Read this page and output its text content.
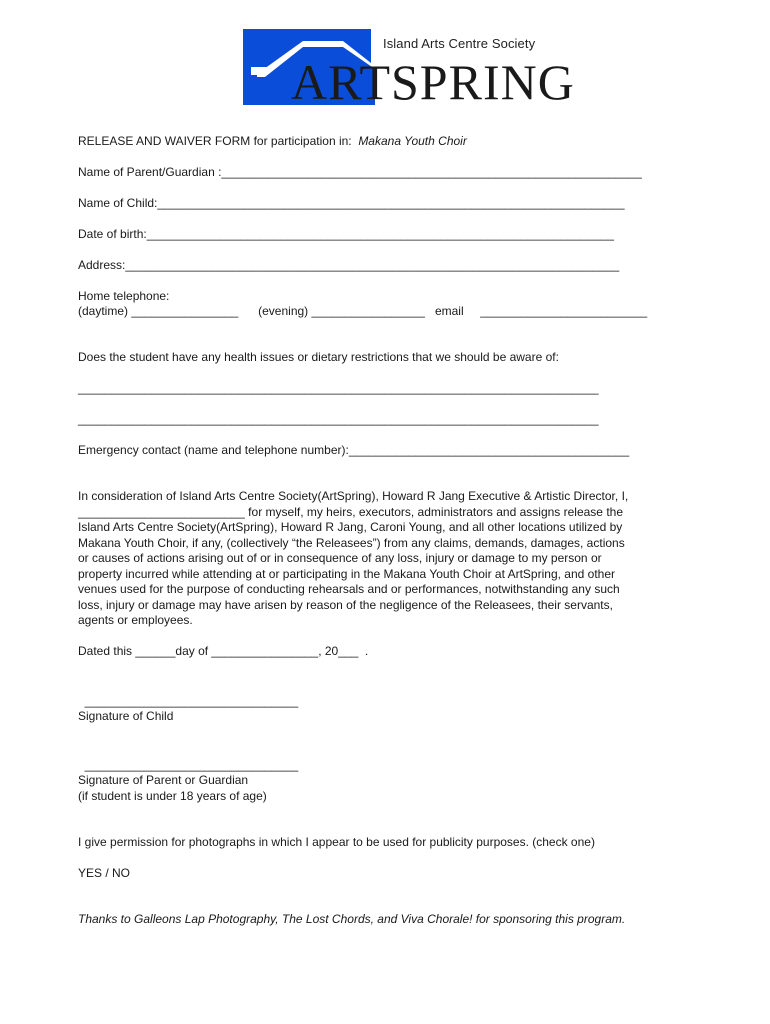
Island Arts Centre Society
ARTSPRING
RELEASE AND WAIVER FORM for participation in:  Makana Youth Choir
Name of Parent/Guardian :_______________________________________________________________
Name of Child:______________________________________________________________________
Date of birth:______________________________________________________________________
Address:__________________________________________________________________________
Home telephone:
(daytime) ________________      (evening) _________________   email     _________________________
Does the student have any health issues or dietary restrictions that we should be aware of:
______________________________________________________________________________
______________________________________________________________________________
Emergency contact (name and telephone number):__________________________________________
In consideration of Island Arts Centre Society(ArtSpring), Howard R Jang Executive & Artistic Director, I,
_________________________ for myself, my heirs, executors, administrators and assigns release the
Island Arts Centre Society(ArtSpring), Howard R Jang, Caroni Young, and all other locations utilized by
Makana Youth Choir, if any, (collectively “the Releasees”) from any claims, demands, damages, actions
or causes of actions arising out of or in consequence of any loss, injury or damage to my person or
property incurred while attending at or participating in the Makana Youth Choir at ArtSpring, and other
venues used for the purpose of conducting rehearsals and or performances, notwithstanding any such
loss, injury or damage may have arisen by reason of the negligence of the Releasees, their servants,
agents or employees.
Dated this ______day of ________________, 20___  .
________________________________
Signature of Child
________________________________
Signature of Parent or Guardian
(if student is under 18 years of age)
I give permission for photographs in which I appear to be used for publicity purposes. (check one)
YES / NO
Thanks to Galleons Lap Photography, The Lost Chords, and Viva Chorale! for sponsoring this program.
